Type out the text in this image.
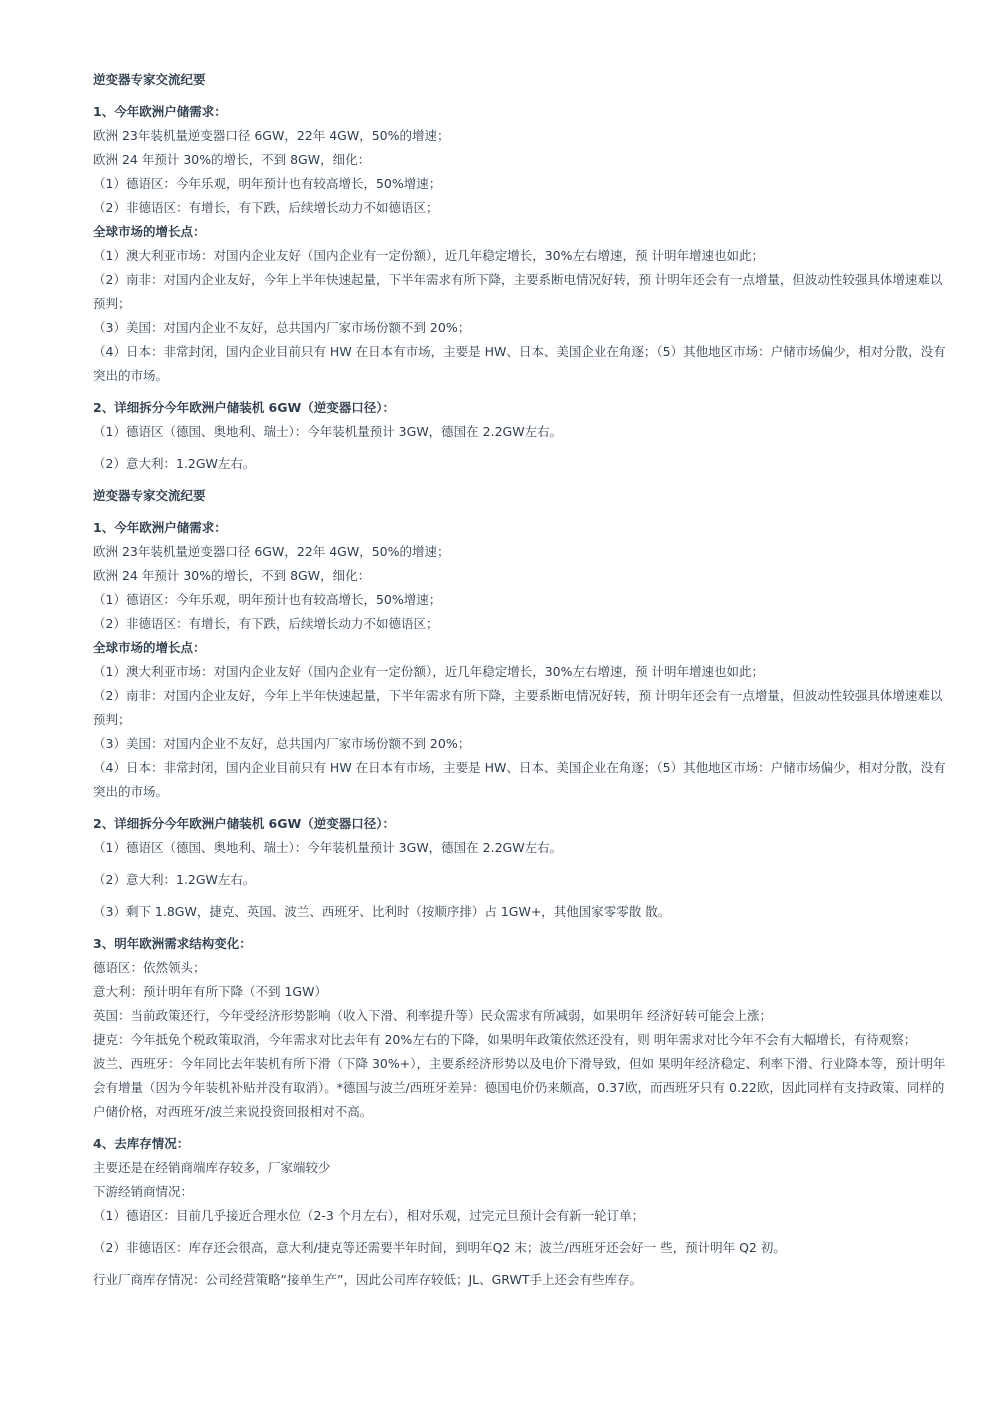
逆变器专家交流纪要

1、今年欧洲户储需求：

欧洲 23年装机量逆变器口径 6GW，22年 4GW，50%的增速；

欧洲 24 年预计 30%的增长，不到 8GW，细化：

（1）德语区：今年乐观，明年预计也有较高增长，50%增速；

（2）非德语区：有增长，有下跌，后续增长动力不如德语区；

全球市场的增长点：

（1）澳大利亚市场：对国内企业友好（国内企业有一定份额），近几年稳定增长，30%左右增速，预 计明年增速也如此；

（2）南非：对国内企业友好，今年上半年快速起量，下半年需求有所下降，主要系断电情况好转，预 计明年还会有一点增量，但波动性较强具体增速难以预判；

（3）美国：对国内企业不友好，总共国内厂家市场份额不到 20%；

（4）日本：非常封闭，国内企业目前只有 HW 在日本有市场，主要是 HW、日本、美国企业在角逐；（5）其他地区市场：户储市场偏少，相对分散，没有突出的市场。

2、详细拆分今年欧洲户储装机 6GW（逆变器口径）：

（1）德语区（德国、奥地利、瑞士）：今年装机量预计 3GW，德国在 2.2GW左右。

（2）意大利：1.2GW左右。

逆变器专家交流纪要

1、今年欧洲户储需求：

欧洲 23年装机量逆变器口径 6GW，22年 4GW，50%的增速；

欧洲 24 年预计 30%的增长，不到 8GW，细化：

（1）德语区：今年乐观，明年预计也有较高增长，50%增速；

（2）非德语区：有增长，有下跌，后续增长动力不如德语区；

全球市场的增长点：

（1）澳大利亚市场：对国内企业友好（国内企业有一定份额），近几年稳定增长，30%左右增速，预 计明年增速也如此；

（2）南非：对国内企业友好，今年上半年快速起量，下半年需求有所下降，主要系断电情况好转，预 计明年还会有一点增量，但波动性较强具体增速难以预判；

（3）美国：对国内企业不友好，总共国内厂家市场份额不到 20%；

（4）日本：非常封闭，国内企业目前只有 HW 在日本有市场，主要是 HW、日本、美国企业在角逐；（5）其他地区市场：户储市场偏少，相对分散，没有突出的市场。

2、详细拆分今年欧洲户储装机 6GW（逆变器口径）：

（1）德语区（德国、奥地利、瑞士）：今年装机量预计 3GW，德国在 2.2GW左右。

（2）意大利：1.2GW左右。

（3）剩下 1.8GW，捷克、英国、波兰、西班牙、比利时（按顺序排）占 1GW+，其他国家零零散 散。

3、明年欧洲需求结构变化：

德语区：依然领头；

意大利：预计明年有所下降（不到 1GW）

英国：当前政策还行，今年受经济形势影响（收入下滑、利率提升等）民众需求有所减弱，如果明年 经济好转可能会上涨；

捷克：今年抵免个税政策取消，今年需求对比去年有 20%左右的下降，如果明年政策依然还没有，则 明年需求对比今年不会有大幅增长，有待观察；

波兰、西班牙：今年同比去年装机有所下滑（下降 30%+），主要系经济形势以及电价下滑导致，但如 果明年经济稳定、利率下滑、行业降本等，预计明年会有增量（因为今年装机补贴并没有取消）。*德国与波兰/西班牙差异：德国电价仍来颇高，0.37欧，而西班牙只有 0.22欧，因此同样有支持政策、同样的户储价格，对西班牙/波兰来说投资回报相对不高。

4、去库存情况：

主要还是在经销商端库存较多，厂家端较少

下游经销商情况：

（1）德语区：目前几乎接近合理水位（2-3 个月左右），相对乐观，过完元旦预计会有新一轮订单；

（2）非德语区：库存还会很高，意大利/捷克等还需要半年时间，到明年Q2 末；波兰/西班牙还会好一 些，预计明年 Q2 初。

行业厂商库存情况：公司经营策略“接单生产”，因此公司库存较低；JL、GRWT手上还会有些库存。
